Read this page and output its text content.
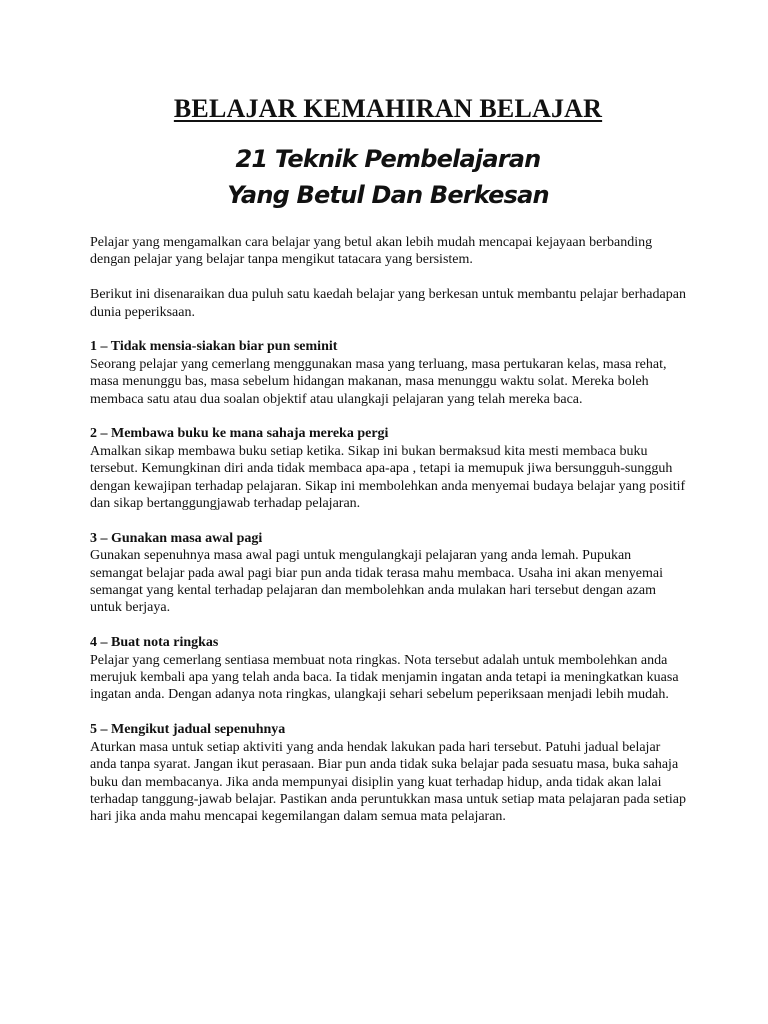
BELAJAR KEMAHIRAN BELAJAR
21 Teknik Pembelajaran
Yang Betul Dan Berkesan

Pelajar yang mengamalkan cara belajar yang betul akan lebih mudah mencapai kejayaan berbanding dengan pelajar yang belajar tanpa mengikut tatacara yang bersistem.

Berikut ini disenaraikan dua puluh satu kaedah belajar yang berkesan untuk membantu pelajar berhadapan dunia peperiksaan.

1 – Tidak mensia-siakan biar pun seminit

Seorang pelajar yang cemerlang menggunakan masa yang terluang, masa pertukaran kelas, masa rehat, masa menunggu bas, masa sebelum hidangan makanan, masa menunggu waktu solat. Mereka boleh membaca satu atau dua soalan objektif atau ulangkaji pelajaran yang telah mereka baca.

2 – Membawa buku ke mana sahaja mereka pergi

Amalkan sikap membawa buku setiap ketika. Sikap ini bukan bermaksud kita mesti membaca buku tersebut. Kemungkinan diri anda tidak membaca apa-apa , tetapi ia memupuk jiwa bersungguh-sungguh dengan kewajipan terhadap pelajaran. Sikap ini membolehkan anda menyemai budaya belajar yang positif dan sikap bertanggungjawab terhadap pelajaran.

3 – Gunakan masa awal pagi

Gunakan sepenuhnya masa awal pagi untuk mengulangkaji pelajaran yang anda lemah. Pupukan semangat belajar pada awal pagi biar pun anda tidak terasa mahu membaca. Usaha ini akan menyemai semangat yang kental terhadap pelajaran dan membolehkan anda mulakan hari tersebut dengan azam untuk berjaya.

4 – Buat nota ringkas

Pelajar yang cemerlang sentiasa membuat nota ringkas. Nota tersebut adalah untuk membolehkan anda merujuk kembali apa yang telah anda baca. Ia tidak menjamin ingatan anda tetapi ia meningkatkan kuasa ingatan anda. Dengan adanya nota ringkas, ulangkaji sehari sebelum peperiksaan menjadi lebih mudah.

5 – Mengikut jadual sepenuhnya

Aturkan masa untuk setiap aktiviti yang anda hendak lakukan pada hari tersebut. Patuhi jadual belajar anda tanpa syarat. Jangan ikut perasaan. Biar pun anda tidak suka belajar pada sesuatu masa, buka sahaja buku dan membacanya. Jika anda mempunyai disiplin yang kuat terhadap hidup, anda tidak akan lalai terhadap tanggung-jawab belajar. Pastikan anda peruntukkan masa untuk setiap mata pelajaran pada setiap hari jika anda mahu mencapai kegemilangan dalam semua mata pelajaran.
